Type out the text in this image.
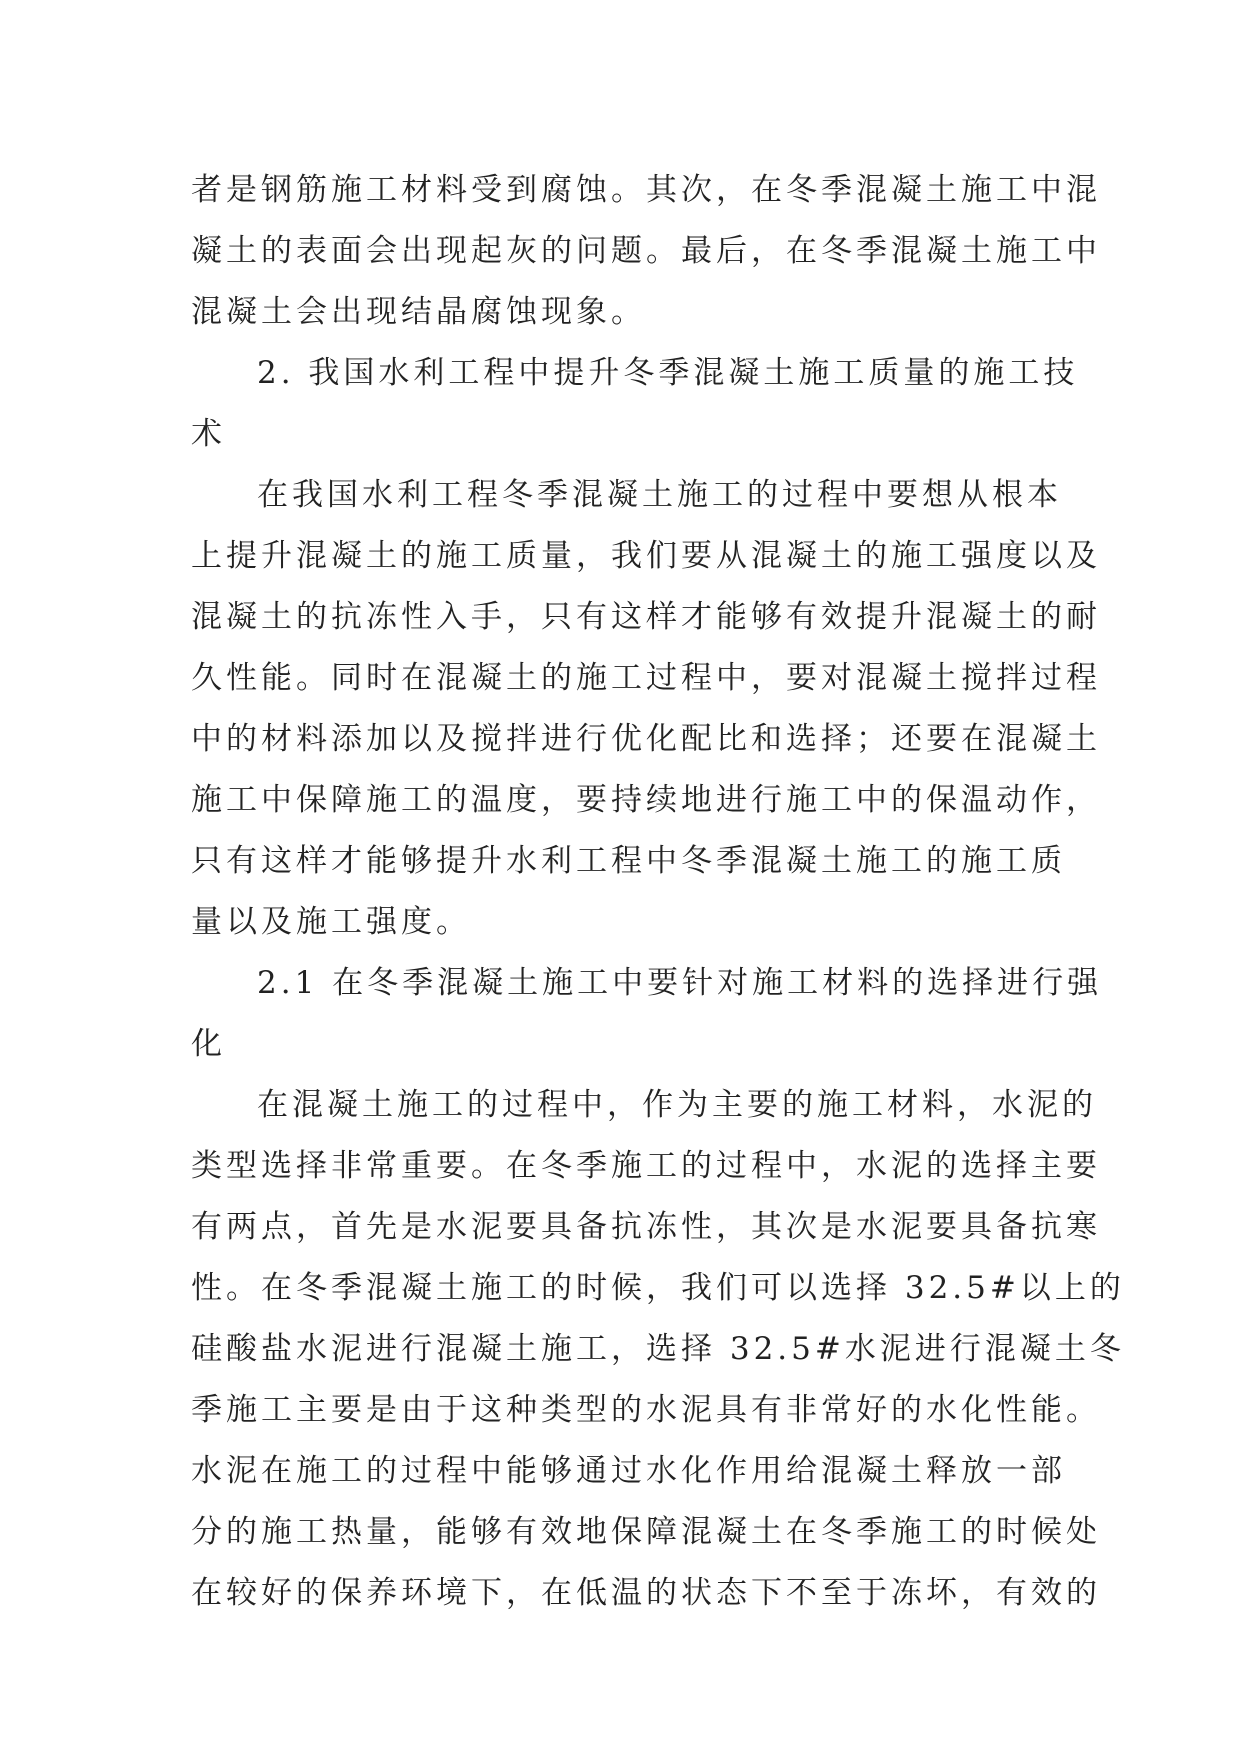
者是钢筋施工材料受到腐蚀。其次，在冬季混凝土施工中混
凝土的表面会出现起灰的问题。最后，在冬季混凝土施工中
混凝土会出现结晶腐蚀现象。
2. 我国水利工程中提升冬季混凝土施工质量的施工技
术
在我国水利工程冬季混凝土施工的过程中要想从根本
上提升混凝土的施工质量，我们要从混凝土的施工强度以及
混凝土的抗冻性入手，只有这样才能够有效提升混凝土的耐
久性能。同时在混凝土的施工过程中，要对混凝土搅拌过程
中的材料添加以及搅拌进行优化配比和选择；还要在混凝土
施工中保障施工的温度，要持续地进行施工中的保温动作，
只有这样才能够提升水利工程中冬季混凝土施工的施工质
量以及施工强度。
2.1 在冬季混凝土施工中要针对施工材料的选择进行强
化
在混凝土施工的过程中，作为主要的施工材料，水泥的
类型选择非常重要。在冬季施工的过程中，水泥的选择主要
有两点，首先是水泥要具备抗冻性，其次是水泥要具备抗寒
性。在冬季混凝土施工的时候，我们可以选择 32.5#以上的
硅酸盐水泥进行混凝土施工，选择 32.5#水泥进行混凝土冬
季施工主要是由于这种类型的水泥具有非常好的水化性能。
水泥在施工的过程中能够通过水化作用给混凝土释放一部
分的施工热量，能够有效地保障混凝土在冬季施工的时候处
在较好的保养环境下，在低温的状态下不至于冻坏，有效的
